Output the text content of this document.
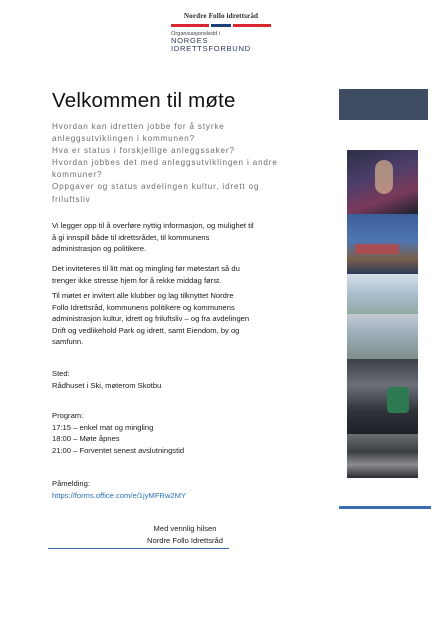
Nordre Follo idrettsråd
Organisasjonsledd i
NORGES
IDRETTSFORBUND
Velkommen til møte
Hvordan kan idretten jobbe for å styrke
anleggsutviklingen i kommunen?
Hva er status i forskjellige anleggssaker?
Hvordan jobbes det med anleggsutviklingen i andre
kommuner?
Oppgaver og status avdelingen kultur, idrett og
friluftsliv
Vi legger opp til å overføre nyttig informasjon, og mulighet til
å gi innspill både til idrettsrådet, til kommunens
administrasjon og politikere.
Det inviteteres til litt mat og mingling før møtestart så du
trenger ikke stresse hjem for å rekke middag først.
Til møtet er invitert alle klubber og lag tilknyttet Nordre
Follo Idrettsråd, kommunens politikere og kommunens
administrasjon kultur, idrett og friluftsliv – og fra avdelingen
Drift og vedlikehold Park og idrett, samt Eiendom, by og
samfunn.
Sted:
Rådhuset i Ski, møterom Skotbu
Program:
17:15 – enkel mat og mingling
18:00 – Møte åpnes
21:00 – Forventet senest avslutningstid
Påmelding:
https://forms.office.com/e/1jyMFRw2MY
Med vennlig hilsen
Nordre Follo Idrettsråd
